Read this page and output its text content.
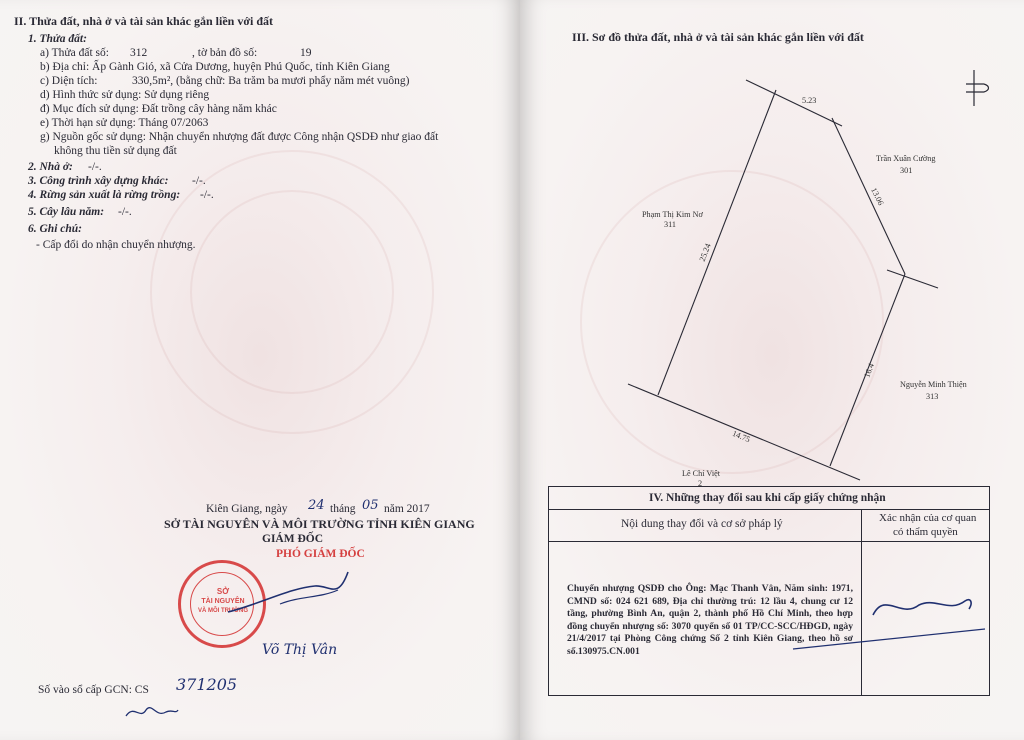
II. Thửa đất, nhà ở và tài sản khác gắn liền với đất
1. Thửa đất:
a) Thửa đất số: 312	, tờ bản đồ số:	19
b) Địa chỉ: Ấp Gành Gió, xã Cửa Dương, huyện Phú Quốc, tỉnh Kiên Giang
c) Diện tích:	330,5m², (bằng chữ: Ba trăm ba mươi phẩy năm mét vuông)
d) Hình thức sử dụng: Sử dụng riêng
đ) Mục đích sử dụng: Đất trồng cây hàng năm khác
e) Thời hạn sử dụng: Tháng 07/2063
g) Nguồn gốc sử dụng: Nhận chuyển nhượng đất được Công nhận QSDĐ như giao đất
không thu tiền sử dụng đất
2. Nhà ở: -/-.
3. Công trình xây dựng khác: -/-.
4. Rừng sản xuất là rừng trồng: -/-.
5. Cây lâu năm: -/-.
6. Ghi chú:
- Cấp đổi do nhận chuyển nhượng.
Kiên Giang, ngày 24 tháng 05 năm 2017
SỞ TÀI NGUYÊN VÀ MÔI TRƯỜNG TỈNH KIÊN GIANG
GIÁM ĐỐC
PHÓ GIÁM ĐỐC
SỞ
TÀI NGUYÊN
VÀ MÔI TRƯỜNG
Võ Thị Vân
Số vào sổ cấp GCN: CS 371205
III. Sơ đồ thửa đất, nhà ở và tài sản khác gắn liền với đất
5.23
13.06
25.24
16.4
14.75
Phạm Thị Kim Nơ
311
Trần Xuân Cường
301
Nguyễn Minh Thiện
313
Lê Chí Việt
2
IV. Những thay đổi sau khi cấp giấy chứng nhận
Nội dung thay đổi và cơ sở pháp lý	Xác nhận của cơ quan
có thẩm quyền
Chuyển nhượng QSDĐ cho Ông: Mạc Thanh Vân, Năm sinh: 1971, CMND số: 024 621 689, Địa chỉ thường trú: 12 lầu 4, chung cư 12 tầng, phường Bình An, quận 2, thành phố Hồ Chí Minh, theo hợp đồng chuyển nhượng số: 3070 quyển số 01 TP/CC-SCC/HĐGD, ngày 21/4/2017 tại Phòng Công chứng Số 2 tỉnh Kiên Giang, theo hồ sơ số.130975.CN.001
